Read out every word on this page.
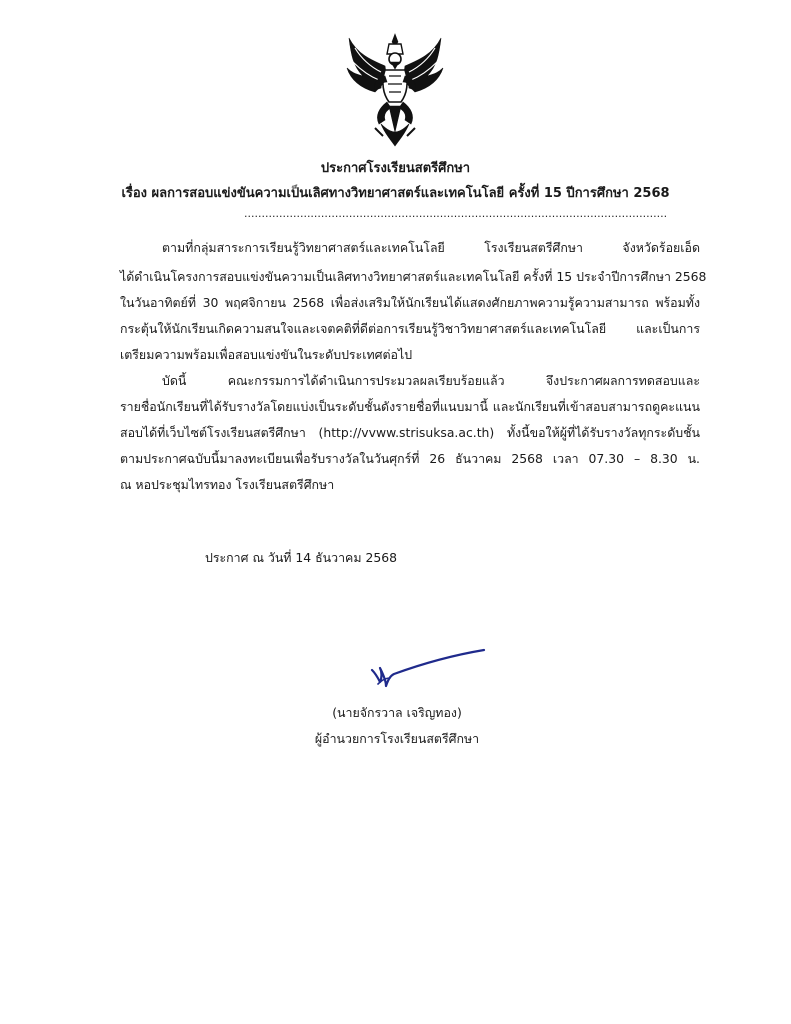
ประกาศโรงเรียนสตรีศึกษา
เรื่อง ผลการสอบแข่งขันความเป็นเลิศทางวิทยาศาสตร์และเทคโนโลยี ครั้งที่ 15 ปีการศึกษา 2568
.........................................................................................................................
ตามที่กลุ่มสาระการเรียนรู้วิทยาศาสตร์และเทคโนโลยี โรงเรียนสตรีศึกษา จังหวัดร้อยเอ็ด
ได้ดำเนินโครงการสอบแข่งขันความเป็นเลิศทางวิทยาศาสตร์และเทคโนโลยี ครั้งที่ 15 ประจำปีการศึกษา 2568
ในวันอาทิตย์ที่ 30 พฤศจิกายน 2568 เพื่อส่งเสริมให้นักเรียนได้แสดงศักยภาพความรู้ความสามารถ พร้อมทั้ง
กระตุ้นให้นักเรียนเกิดความสนใจและเจตคติที่ดีต่อการเรียนรู้วิชาวิทยาศาสตร์และเทคโนโลยี และเป็นการ
เตรียมความพร้อมเพื่อสอบแข่งขันในระดับประเทศต่อไป
บัดนี้ คณะกรรมการได้ดำเนินการประมวลผลเรียบร้อยแล้ว จึงประกาศผลการทดสอบและ
รายชื่อนักเรียนที่ได้รับรางวัลโดยแบ่งเป็นระดับชั้นดังรายชื่อที่แนบมานี้ และนักเรียนที่เข้าสอบสามารถดูคะแนน
สอบได้ที่เว็บไซต์โรงเรียนสตรีศึกษา (http://vvww.strisuksa.ac.th) ทั้งนี้ขอให้ผู้ที่ได้รับรางวัลทุกระดับชั้น
ตามประกาศฉบับนี้มาลงทะเบียนเพื่อรับรางวัลในวันศุกร์ที่ 26 ธันวาคม 2568 เวลา 07.30 – 8.30 น.
ณ หอประชุมไทรทอง โรงเรียนสตรีศึกษา
ประกาศ ณ วันที่ 14 ธันวาคม 2568
(นายจักรวาล เจริญทอง)
ผู้อำนวยการโรงเรียนสตรีศึกษา
